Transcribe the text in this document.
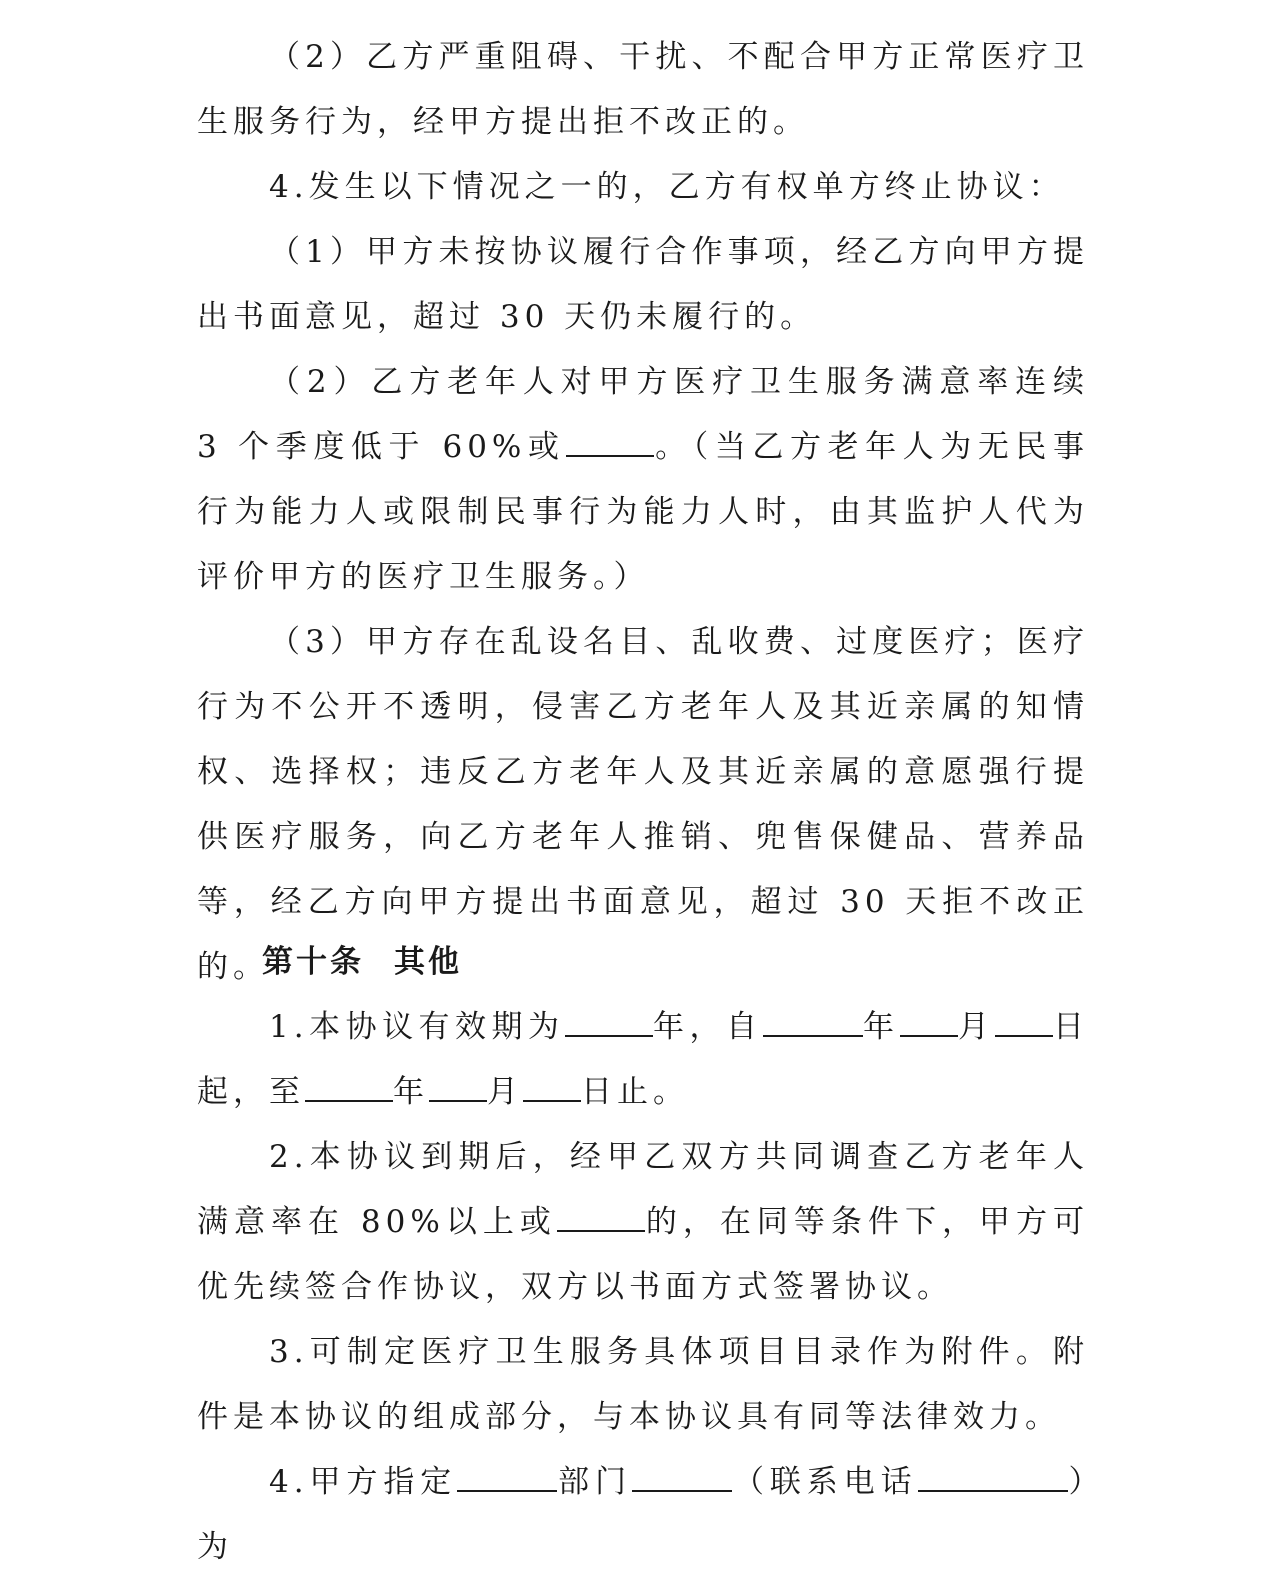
（2）乙方严重阻碍、干扰、不配合甲方正常医疗卫生服务行为，经甲方提出拒不改正的。

4.发生以下情况之一的，乙方有权单方终止协议：

（1）甲方未按协议履行合作事项，经乙方向甲方提出书面意见，超过 30 天仍未履行的。

（2）乙方老年人对甲方医疗卫生服务满意率连续 3 个季度低于 60%或	。（当乙方老年人为无民事行为能力人或限制民事行为能力人时，由其监护人代为评价甲方的医疗卫生服务。）

（3）甲方存在乱设名目、乱收费、过度医疗；医疗行为不公开不透明，侵害乙方老年人及其近亲属的知情权、选择权；违反乙方老年人及其近亲属的意愿强行提供医疗服务，向乙方老年人推销、兜售保健品、营养品等，经乙方向甲方提出书面意见，超过 30 天拒不改正的。

第十条 其他

1.本协议有效期为	年，自	年 月 日起，至	年 月 日止。

2.本协议到期后，经甲乙双方共同调查乙方老年人满意率在 80%以上或	的，在同等条件下，甲方可优先续签合作协议，双方以书面方式签署协议。

3.可制定医疗卫生服务具体项目目录作为附件。附件是本协议的组成部分，与本协议具有同等法律效力。

4.甲方指定	部门	（联系电话	）为
